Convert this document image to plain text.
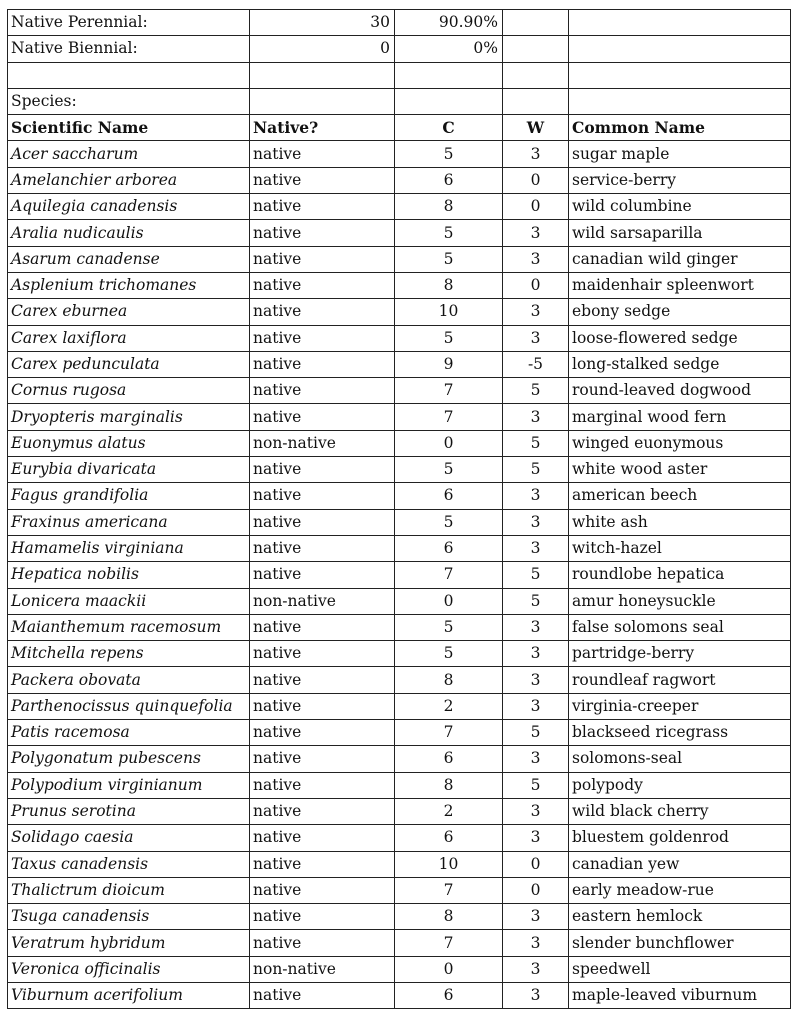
Native Perennial:	30	90.90%		
Native Biennial:	0	0%		

Species:				
Scientific Name	Native?	C	W	Common Name
Acer saccharum	native	5	3	sugar maple
Amelanchier arborea	native	6	0	service-berry
Aquilegia canadensis	native	8	0	wild columbine
Aralia nudicaulis	native	5	3	wild sarsaparilla
Asarum canadense	native	5	3	canadian wild ginger
Asplenium trichomanes	native	8	0	maidenhair spleenwort
Carex eburnea	native	10	3	ebony sedge
Carex laxiflora	native	5	3	loose-flowered sedge
Carex pedunculata	native	9	-5	long-stalked sedge
Cornus rugosa	native	7	5	round-leaved dogwood
Dryopteris marginalis	native	7	3	marginal wood fern
Euonymus alatus	non-native	0	5	winged euonymous
Eurybia divaricata	native	5	5	white wood aster
Fagus grandifolia	native	6	3	american beech
Fraxinus americana	native	5	3	white ash
Hamamelis virginiana	native	6	3	witch-hazel
Hepatica nobilis	native	7	5	roundlobe hepatica
Lonicera maackii	non-native	0	5	amur honeysuckle
Maianthemum racemosum	native	5	3	false solomons seal
Mitchella repens	native	5	3	partridge-berry
Packera obovata	native	8	3	roundleaf ragwort
Parthenocissus quinquefolia	native	2	3	virginia-creeper
Patis racemosa	native	7	5	blackseed ricegrass
Polygonatum pubescens	native	6	3	solomons-seal
Polypodium virginianum	native	8	5	polypody
Prunus serotina	native	2	3	wild black cherry
Solidago caesia	native	6	3	bluestem goldenrod
Taxus canadensis	native	10	0	canadian yew
Thalictrum dioicum	native	7	0	early meadow-rue
Tsuga canadensis	native	8	3	eastern hemlock
Veratrum hybridum	native	7	3	slender bunchflower
Veronica officinalis	non-native	0	3	speedwell
Viburnum acerifolium	native	6	3	maple-leaved viburnum
